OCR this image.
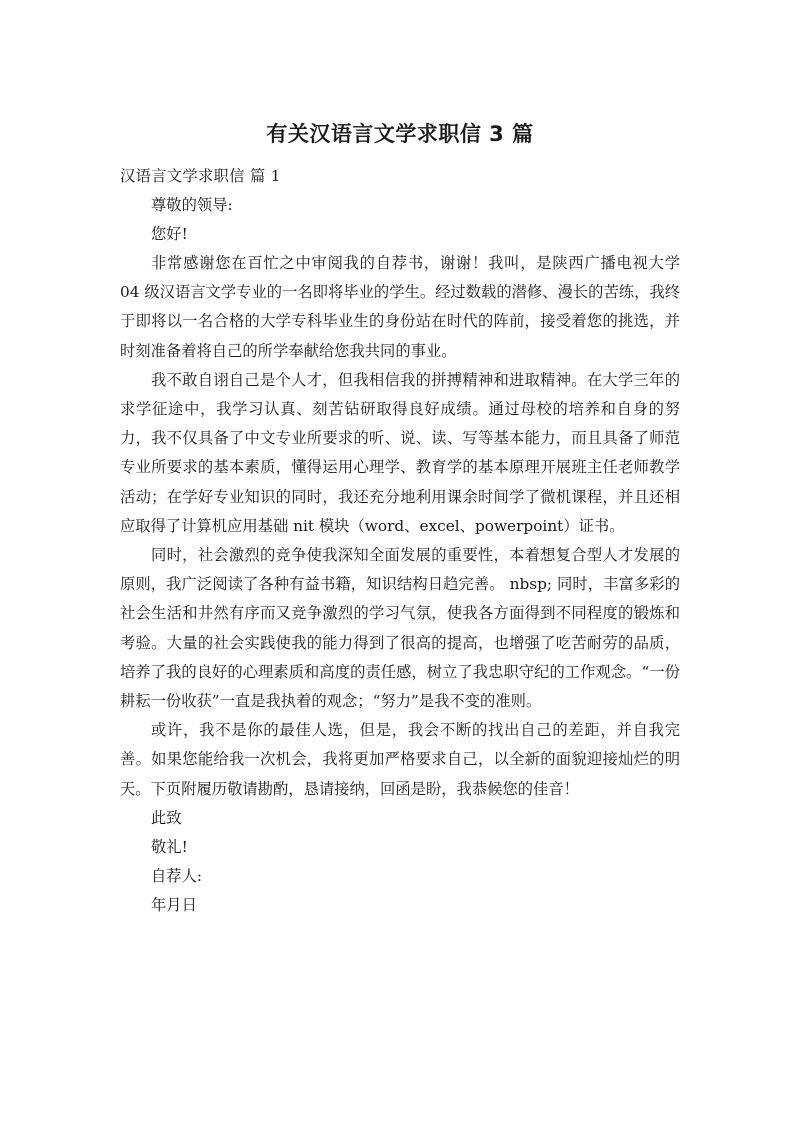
有关汉语言文学求职信 3 篇

汉语言文学求职信 篇 1

尊敬的领导:

您好!

非常感谢您在百忙之中审阅我的自荐书，谢谢！我叫，是陕西广播电视大学 04 级汉语言文学专业的一名即将毕业的学生。经过数载的潜修、漫长的苦练，我终于即将以一名合格的大学专科毕业生的身份站在时代的阵前，接受着您的挑选，并时刻准备着将自己的所学奉献给您我共同的事业。

我不敢自诩自己是个人才，但我相信我的拼搏精神和进取精神。在大学三年的求学征途中，我学习认真、刻苦钻研取得良好成绩。通过母校的培养和自身的努力，我不仅具备了中文专业所要求的听、说、读、写等基本能力，而且具备了师范专业所要求的基本素质，懂得运用心理学、教育学的基本原理开展班主任老师教学活动；在学好专业知识的同时，我还充分地利用课余时间学了微机课程，并且还相应取得了计算机应用基础 nit 模块（word、excel、powerpoint）证书。

同时，社会激烈的竞争使我深知全面发展的重要性，本着想复合型人才发展的原则，我广泛阅读了各种有益书籍，知识结构日趋完善。 nbsp; 同时，丰富多彩的社会生活和井然有序而又竞争激烈的学习气氛，使我各方面得到不同程度的锻炼和考验。大量的社会实践使我的能力得到了很高的提高，也增强了吃苦耐劳的品质，培养了我的良好的心理素质和高度的责任感，树立了我忠职守纪的工作观念。“一份耕耘一份收获”一直是我执着的观念；“努力”是我不变的准则。

或许，我不是你的最佳人选，但是，我会不断的找出自己的差距，并自我完善。如果您能给我一次机会，我将更加严格要求自己，以全新的面貌迎接灿烂的明天。下页附履历敬请勘酌，恳请接纳，回函是盼，我恭候您的佳音！

此致

敬礼!

自荐人:

年月日
